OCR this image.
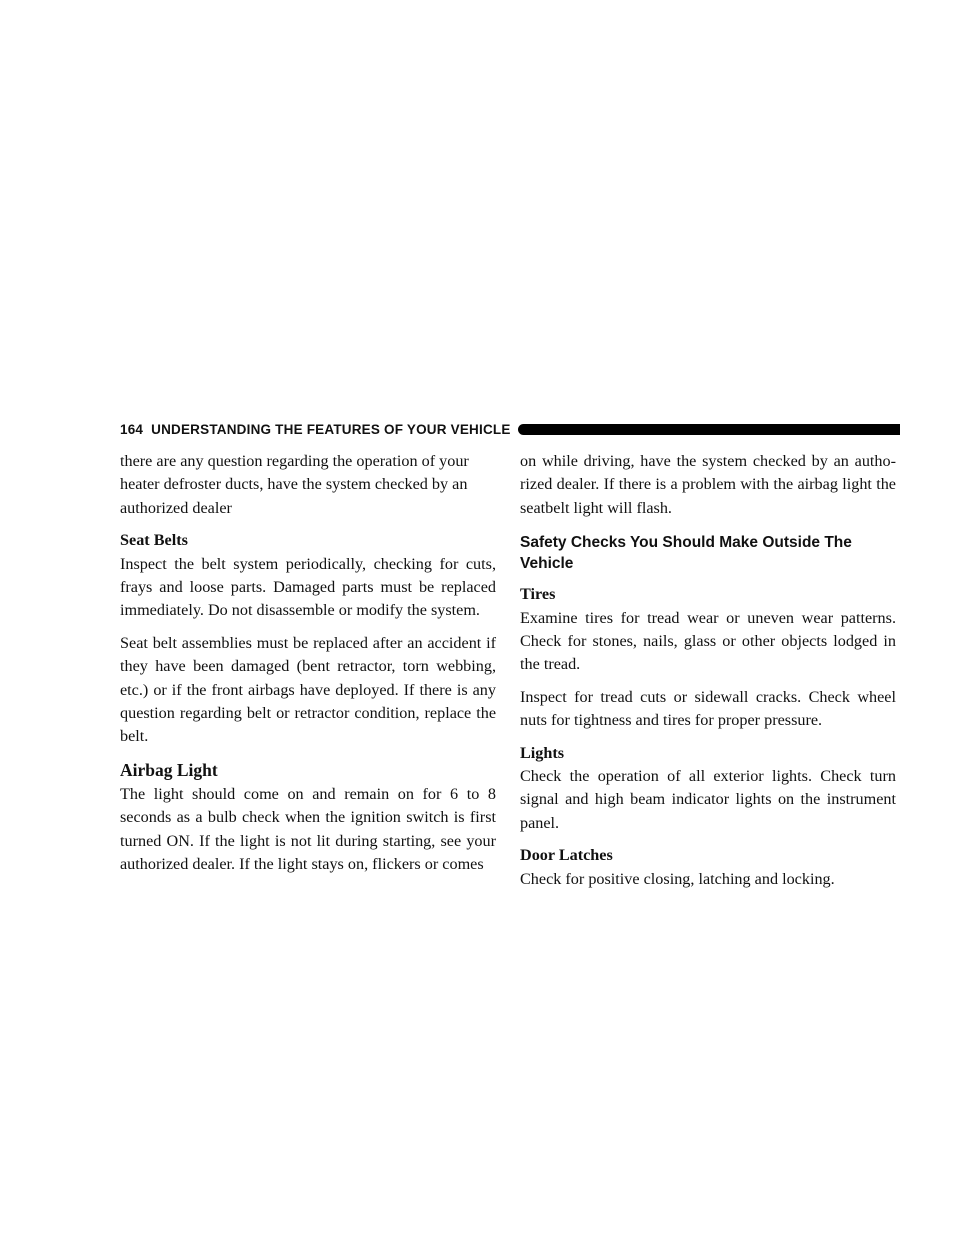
164 UNDERSTANDING THE FEATURES OF YOUR VEHICLE

there are any question regarding the operation of your heater defroster ducts, have the system checked by an authorized dealer

Seat Belts

Inspect the belt system periodically, checking for cuts, frays and loose parts. Damaged parts must be replaced immediately. Do not disassemble or modify the system.

Seat belt assemblies must be replaced after an accident if they have been damaged (bent retractor, torn webbing, etc.) or if the front airbags have deployed. If there is any question regarding belt or retractor condition, replace the belt.

Airbag Light

The light should come on and remain on for 6 to 8 seconds as a bulb check when the ignition switch is first turned ON. If the light is not lit during starting, see your authorized dealer. If the light stays on, flickers or comes

on while driving, have the system checked by an autho-rized dealer. If there is a problem with the airbag light the seatbelt light will flash.

Safety Checks You Should Make Outside The Vehicle
Tires

Examine tires for tread wear or uneven wear patterns. Check for stones, nails, glass or other objects lodged in the tread.

Inspect for tread cuts or sidewall cracks. Check wheel nuts for tightness and tires for proper pressure.

Lights

Check the operation of all exterior lights. Check turn signal and high beam indicator lights on the instrument panel.

Door Latches

Check for positive closing, latching and locking.
